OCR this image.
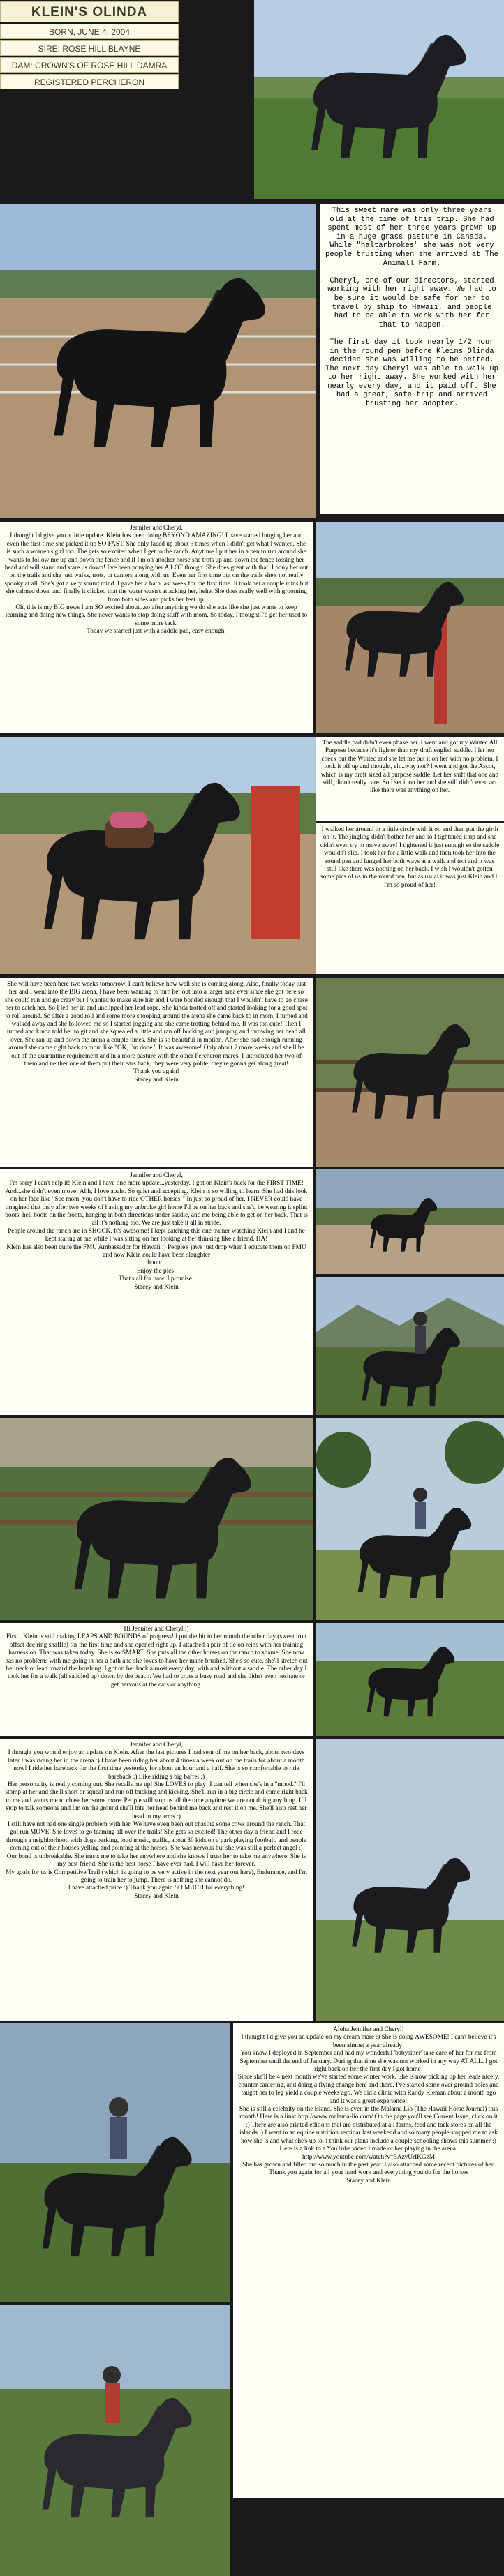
KLEIN'S OLINDA
BORN, JUNE 4, 2004
SIRE: ROSE HILL BLAYNE
DAM: CROWN'S OF ROSE HILL DAMRA
REGISTERED PERCHERON

This sweet mare was only three years old at the time of this trip. She had spent most of her three years grown up in a huge grass pasture in Canada. While "haltarbrokes" she was not very people trusting when she arrived at The Animall Farm.

Cheryl, one of our directors, started working with her right away. We had to be sure it would be safe for her to travel by ship to Hawaii, and people had to be able to work with her for that to happen.

The first day it took nearly 1/2 hour in the round pen before Kleins Olinda decided she was willing to be petted. The next day Cheryl was able to walk up to her right away. She worked with her nearly every day, and it paid off. She had a great, safe trip and arrived trusting her adopter.

Jennifer and Cheryl,
I thought I'd give you a little update. Klein has been doing BEYOND AMAZING! I have started lunging her and even the first time she picked it up SO FAST. She only faced up about 3 times when I didn't get what I wanted. She is such a women's girl too. The gets so excited when I get to the ranch. Anytime I put her in a pen to run around she wants to follow me up and down the fence and if I'm on another horse she trots up and down the fence tossing her head and will stand and stare us down! I've been ponying her A LOT though. She does great with that. I pony her out on the trails and she just walks, trots, or canters along with us. Even her first time out on the trails she's not really spooky at all. She's got a very sound mind. I gave her a bath last week for the first time. It took her a couple mins but she calmed down and finally it clicked that the water wasn't attacking her, hehe. She does really well with grooming from both sides and picks her feet up.
Oh, this is my BIG news I am SO excited about...so after anything we do she acts like she just wants to keep learning and doing new things. She never wants to stop doing stuff with mom. So today, I thought I'd get her used to some more tack.
Today we started just with a saddle pad, easy enough.

The saddle pad didn't even phase her. I went and got my Wintec All Purpose because it's lighter than my draft english saddle. I let her check out the Wintec and she let me put it on her with no problem. I took it off up and thought, eh...why not? I went and got the Ascot, which is my draft sized all purpose saddle. Let her sniff that one and still, didn't really care. So I set it on her and she still didn't even act like there was anything on her.

I walked her around in a little circle with it on and then put the girth on it. The jingling didn't bother her and so I tightened it up and she didn't even try to move away! I tightened it just enough so the saddle wouldn't slip. I took her for a little walk and then took her into the round pen and lunged her both ways at a walk and trot and it was still like there was nothing on her back. I wish I wouldn't gotten some pics of us in the round pen, but as usual it was just Klein and I.
I'm so proud of her!

She will have been here two weeks tomorrow. I can't believe how well she is coming along. Also, finally today just her and I went into the BIG arena. I have been wanting to turn her out into a larger area ever since she got here so she could run and go crazy but I wanted to make sure her and I were bonded enough that I wouldn't have to go chase her to catch her. So I led her in and unclipped her lead rope. She kinda trotted off and started looking for a good spot to roll around. So after a good roll and some more snooping around the arena she came back to in mom. I turned and walked away and she followed me so I started jogging and she came trotting behind me. It was too cute! Then I turned and kinda told her to git and she squealed a little and ran off bucking and jumping and throwing her head all over. She ran up and down the arena a couple times. She is so beautiful in motion. After she had enough running around she came right back to mom like "OK, I'm done." It was awesome! Only about 2 more weeks and she'll be out of the quarantine requirement and in a more pasture with the other Percheron mares. I introduced her two of them and neither one of them put their ears back, they were very polite, they're gonna get along great!
Thank you again!
Stacey and Klein

Jennifer and Cheryl,
I'm sorry I can't help it! Klein and I have one more update...yesterday. I got on Klein's back for the FIRST TIME! And...she didn't even move! Ahh, I love abaht. So quiet and accepting. Klein is so willing to learn. She had this look on her face like "See mom, you don't have to ride OTHER horses!" In just so proud of her. I NEVER could have imagined that only after two weeks of having my unbroke girl home I'd be on her back and she'd be wearing it splint boots, hell boots on the fronts, hanging in both directions under saddle, and me being able to get on her back. That is all it's nothing too. We are just take it all in stride.
People around the ranch are in SHOCK. It's awesome! I kept catching this one trainer watching Klein and I and he kept staring at me while I was sitting on her looking at her thinking like a friend. HA!
Klein has also been quite the FMU Ambassador for Hawaii :) People's jaws just drop when I educate them on FMU and how Klein could have been slaughter
bound.
Enjoy the pics!
That's all for now. I promise!
Stacey and Klein

Hi Jennifer and Cheryl :)
First...Klein is still making LEAPS AND BOUNDS of progress! I put the bit in her mouth the other day (sweet iron offset dee ring snaffle) for the first time and she opened right up. I attached a pair of tie on reins with her training harness on. That was taken today. She is so SMART. She puts all the other horses on the ranch to shame. She now has no problems with me going in her a bath and she loves to have her mane brushed. She's so cute, she'll stretch out her neck or lean toward the brushing. I got on her back almost every day, with and without a saddle. The other day I took her for a walk (all saddled up) down by the beach. We had to cross a busy road and she didn't even hesitate or get nervous at the cars or anything.

Jennifer and Cheryl,
I thought you would enjoy an update on Klein. After the last pictures I had sent of me on her back, about two days later I was riding her in the arena :) I have been riding her about 4 times a week out on the trails for about a month now! I ride her bareback for the first time yesterday for about an hour and a half. She is so comfortable to ride bareback :) Like riding a big barrel :)
Her personality is really coming out. She recalls me up! She LOVES to play! I can tell when she's in a "mood." I'll stomp at her and she'll snort or squeal and run off bucking and kicking. She'll run in a big circle and come right back to me and wants me to chase her some more. People still stop us all the time anytime we are out doing anything. If I stop to talk someone and I'm on the ground she'll bite her head behind me back and rest it on me. She'll also rest her head in my arms :)
I still have not had one single problem with her. We have even been out chasing some cows around the ranch. That got run MOVE. She loves to go teaming all over the trails! She gets so excited! The other day a friend and I rode through a neighborhood with dogs barking, loud music, traffic, about 30 kids on a park playing football, and people coming out of their houses yelling and pointing at the horses. She was nervous but she was still a perfect angel :) Our bond is unbreakable. She trusts me to take her anywhere and she knows I trust her to take me anywhere. She is my best friend. She is the best horse I have ever had. I will have her forever.
My goals for us is Competitive Trail (which is going to be very active in the next year out here), Endurance, and I'm going to train her to jump. There is nothing she cannot do.
I have attached price :) Thank you again SO MUCH for everything!
Stacey and Klein

Aloha Jennifer and Cheryl!
I thought I'd give you an update on my dream mare :) She is doing AWESOME! I can't believe it's been almost a year already!
You know I deployed in September and had my wonderful 'babysitter' take care of her for me from September until the end of January. During that time she was not worked in any way AT ALL. I got right back on her the first day I got home!
Since she'll be 4 next month we've started some winter work. She is now picking up her leads nicely, counter cantering, and doing a flying change here and there. I've started some over ground poles and taught her to leg yield a couple weeks ago. We did a clinic with Randy Rieman about a month ago and it was a great experience!
She is still a celebrity on the island. She is even in the Malama Lio (The Hawaii Horse Journal) this month! Here is a link: http://www.malama-lio.com/ On the page you'll see Current Issue, click on it :) There are also printed editions that are distributed at all farms, feed and tack stores on all the islands :) I went to an equine nutrition seminar last weekend and so many people stopped me to ask how she is and what she's up to. I think our plans include a couple schooling shows this summer :) Here is a link to a YouTube video I made of her playing in the arena: http://www.youtube.com/watch?v=3AzvUrIKGzM
She has grown and filled out so much in the past year. I also attached some recent pictures of her.
Thank you again for all your hard work and everything you do for the horses
Stacey and Klein
